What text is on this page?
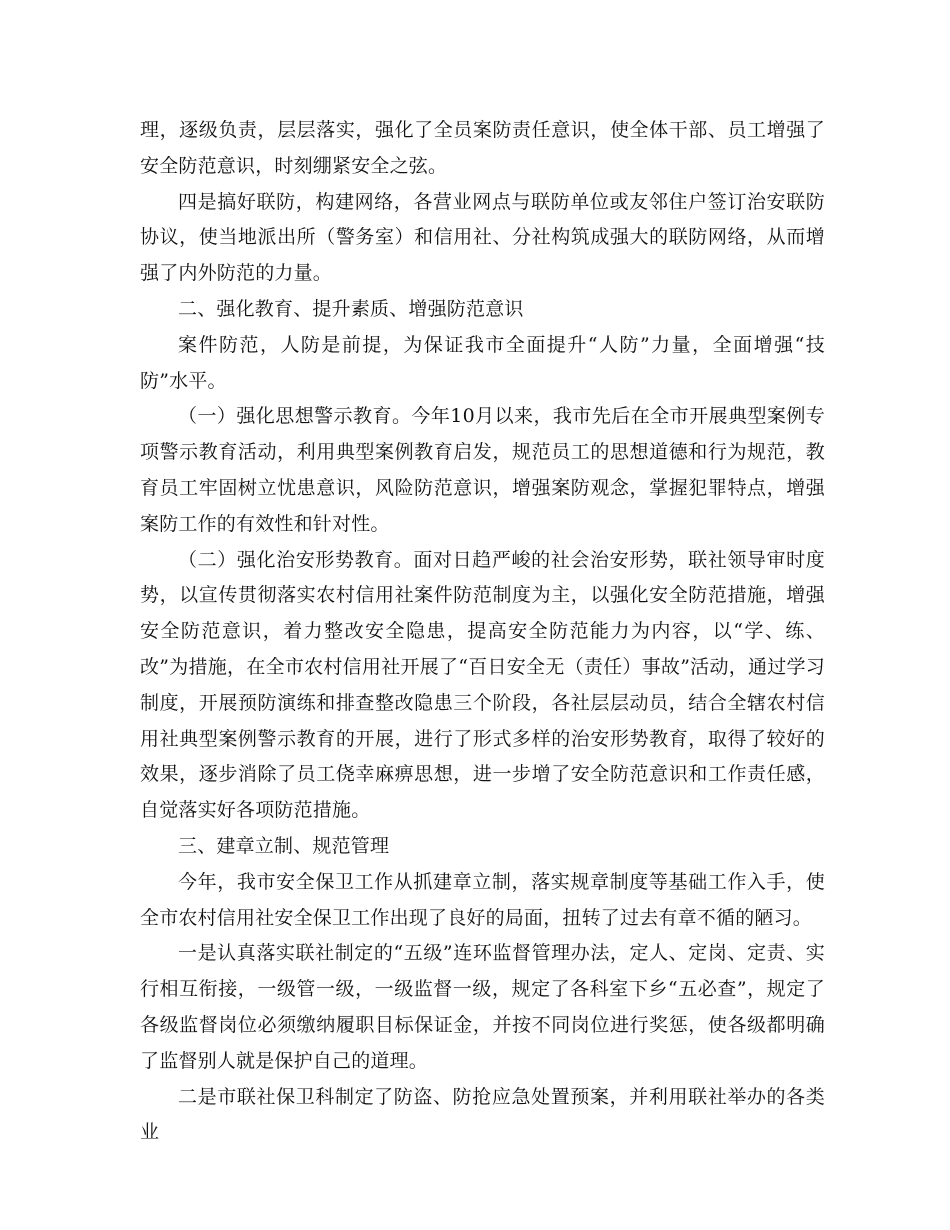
理，逐级负责，层层落实，强化了全员案防责任意识，使全体干部、员工增强了安全防范意识，时刻绷紧安全之弦。

四是搞好联防，构建网络，各营业网点与联防单位或友邻住户签订治安联防协议，使当地派出所（警务室）和信用社、分社构筑成强大的联防网络，从而增强了内外防范的力量。

二、强化教育、提升素质、增强防范意识

案件防范，人防是前提，为保证我市全面提升“人防”力量，全面增强“技防”水平。

（一）强化思想警示教育。今年10月以来，我市先后在全市开展典型案例专项警示教育活动，利用典型案例教育启发，规范员工的思想道德和行为规范，教育员工牢固树立忧患意识，风险防范意识，增强案防观念，掌握犯罪特点，增强案防工作的有效性和针对性。

（二）强化治安形势教育。面对日趋严峻的社会治安形势，联社领导审时度势，以宣传贯彻落实农村信用社案件防范制度为主，以强化安全防范措施，增强安全防范意识，着力整改安全隐患，提高安全防范能力为内容，以“学、练、改”为措施，在全市农村信用社开展了“百日安全无（责任）事故”活动，通过学习制度，开展预防演练和排查整改隐患三个阶段，各社层层动员，结合全辖农村信用社典型案例警示教育的开展，进行了形式多样的治安形势教育，取得了较好的效果，逐步消除了员工侥幸麻痹思想，进一步增了安全防范意识和工作责任感，自觉落实好各项防范措施。

三、建章立制、规范管理

今年，我市安全保卫工作从抓建章立制，落实规章制度等基础工作入手，使全市农村信用社安全保卫工作出现了良好的局面，扭转了过去有章不循的陋习。

一是认真落实联社制定的“五级”连环监督管理办法，定人、定岗、定责、实行相互衔接，一级管一级，一级监督一级，规定了各科室下乡“五必查”，规定了各级监督岗位必须缴纳履职目标保证金，并按不同岗位进行奖惩，使各级都明确了监督别人就是保护自己的道理。

二是市联社保卫科制定了防盗、防抢应急处置预案，并利用联社举办的各类业
